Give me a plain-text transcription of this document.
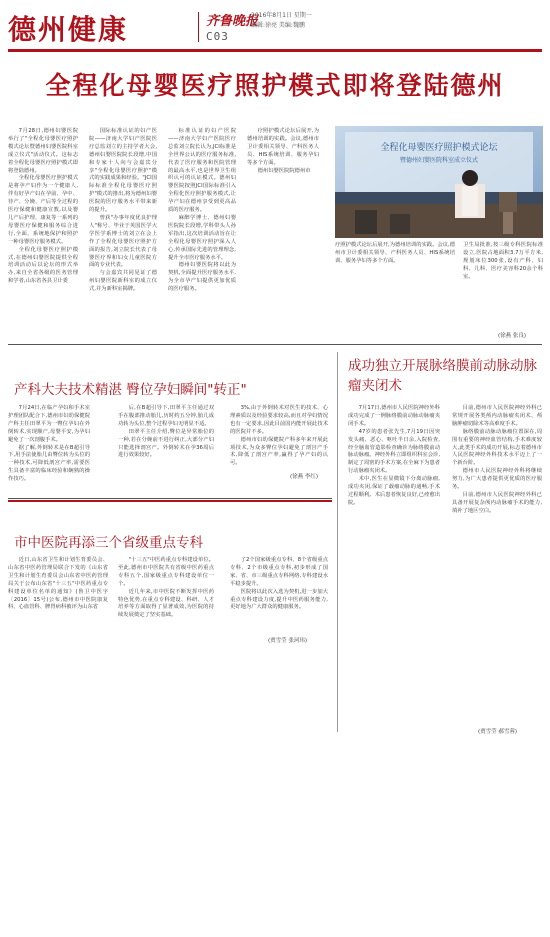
德州健康	齐鲁晚报
2016年8月1日 星期一
编辑:徐亮 美编:魏鹏
C03
全程化母婴医疗照护模式即将登陆德州

7月28日,德州妇婴医院举行了"全程化母婴医疗照护模式论坛暨德州妇婴医院科室成立仪式"活动仪式。这标志着全程化母婴医疗照护模式即将登陆德州。

全程化母婴医疗照护模式是将孕产妇作为一个健康人,伴有好孕产妇在孕前、孕中、待产、分娩、产后等全过程的医疗保健和健康宣教,以及婴儿产后护理、康复等一系列的母婴医疗保健和服务综合进行,全面、系统地保护和照护一种母婴医疗服务模式。

全程化母婴医疗照护模式,在德州妇婴医院提供全程培训活动后以论坛的形式举办,来自全省各级的医务管理和学者,山东省各县卫计委

国际标准认证的妇产医院——济南大学妇产医院医疗总监刘立的主持学者大会,德州妇婴医院院长段增,中国和专家十人向与会嘉宾分享"全程化母婴医疗照护"模式的实践成果和经验。"JCI国际标准全程化母婴医疗照护"模式的推出,将为德州妇婴医院的医疗服务水平带来新的提升。

曾获"办事年度优良护理人"称号、毕业于英国医学大学医学系博士的刘立在会上作了全程化母婴医疗照护方面的报告,刘立院长代表了母婴医疗界和妇女儿童医院方面的专业代表。

与会嘉宾共同见证了德州妇婴医院新科室的成立仪式,并为新科室揭牌。

标准认证的妇产医院——济南大学妇产医院医疗总监刘立院长认为,JCI标准是全世界公认的医疗服务标准,代表了医疗服务和医院管理的最高水平,也是世界卫生组织认可的认证模式。德州妇婴医院按照JCI国际标准引入全程化医疗照护服务模式,让孕产妇在德州享受到更高品质的医疗服务。

麻醉学博士、德州妇婴医院院长段增,学科带头人孙军指出,这次培训活动旨在让全程化母婴医疗照护深入人心,传承国际先进的管理理念,提升全市医疗服务水平。

德州妇婴医院将以此为契机,全面提升医疗服务水平,为全市孕产妇提供更加优质的医疗服务。

疗照护模式论坛后展开,为德州培训的实践。会议,德州市卫计委相关领导、产科医务人员、HIS系统培训、服务孕妇等多个方面。

德州妇婴医院院德州市

疗照护模式论坛后展开,为德州培训的实践。会议,德州市卫计委相关领导、产科医务人员、HIS系统培训、服务孕妇等多个方面。

卫生局批准,按三级专科医院标准设立,医院占地面积3.7万平方米,规划床位300张,设有产科、妇科、儿科、医疗美容科20余个科室。

(徐燕 张良)
全程化母婴医疗照护模式论坛
暨德州妇婴医院科室成立仪式
产科大夫技术精湛 臀位孕妇瞬间"转正"

7月24日,在临产孕妇和手术室护理团队配合下,德州市妇幼保健院产科主任田翠平为一臀位孕妇在外倒转术,实现顺产,母婴平安,为孕妇避免了一次剖腹手术。

据了解,外倒转术是在B超引导下,用手法使胎儿由臀位转为头位的一种技术,可降低剖宫产率,需要医生具备丰富的临床经验和娴熟的操作技巧。

后,在B超引导下,田翠平主任通过双手在腹部推动胎儿,历时约五分钟,胎儿成功转为头位,整个过程孕妇无明显不适。

田翠平主任介绍,臀位是异常胎位的一种,若在分娩前不进行纠正,大部分产妇只能选择剖宫产。外倒转术在孕36周后进行效果较好。

3%,由于外倒转术对医生的技术、心理素质以及经验要求较高,而且对孕妇情况也有一定要求,因此目前国内能开展此技术的医院并不多。

德州市妇幼保健院产科多年来开展此项技术,为众多臀位孕妇避免了剖宫产手术,降低了剖宫产率,赢得了孕产妇的认可。

(徐燕 李红)
市中医院再添三个省级重点专科

近日,山东省卫生和计划生育委员会、山东省中医药管理局联合下发的《山东省卫生和计划生育委员会山东省中医药管理局关于公布山东省"十三五"中医药重点专科建设单位名单的通知》(鲁卫中医字〔2016〕15号)公布,德州市中医院康复科、心血管科、脾胃病科被评为山东省

"十三五"中医药重点专科建设单位。至此,德州市中医院共有省级中医药重点专科五个,国家级重点专科建设单位一个。

近几年来,市中医院不断发挥中医药特色优势,在重点专科建设、科研、人才培养等方面取得了显著成效,为医院的持续发展奠定了坚实基础。

了2个国家级重点专科、8个省级重点专科、2个市级重点专科,初步形成了国家、省、市三级重点专科网络,专科建设水平稳步提升。

医院将以此次入选为契机,进一步加大重点专科建设力度,提升中医药服务能力,更好地为广大群众的健康服务。

(贾雪莹 张珂玮)
成功独立开展脉络膜前动脉动脉瘤夹闭术

7月17日,德州市人民医院神经外科成功完成了一例脉络膜前动脉动脉瘤夹闭手术。

47岁的患者张先生,7月19日因突发头痛、恶心、呕吐半日余,入院检查,经全脑血管造影检查确诊为脉络膜前动脉动脉瘤。神经外科立即组织科室会诊,制定了周密的手术方案,在全麻下为患者行动脉瘤夹闭术。

术中,医生在显微镜下分离动脉瘤,成功夹闭,保证了载瘤动脉的通畅,手术过程顺利。术后患者恢复良好,已痊愈出院。

目前,德州市人民医院神经外科已常规开展各类颅内动脉瘤夹闭术、颅脑肿瘤切除术等高难度手术。

脉络膜前动脉动脉瘤位置深在,周围有重要的神经血管结构,手术难度较大,此类手术的成功开展,标志着德州市人民医院神经外科技术水平迈上了一个新台阶。

德州市人民医院神经外科将继续努力,为广大患者提供更优质的医疗服务。

目前,德州市人民医院神经外科已具备开展复杂颅内动脉瘤手术的能力,填补了地区空白。

(贾雪莹 郝雪蓉)
